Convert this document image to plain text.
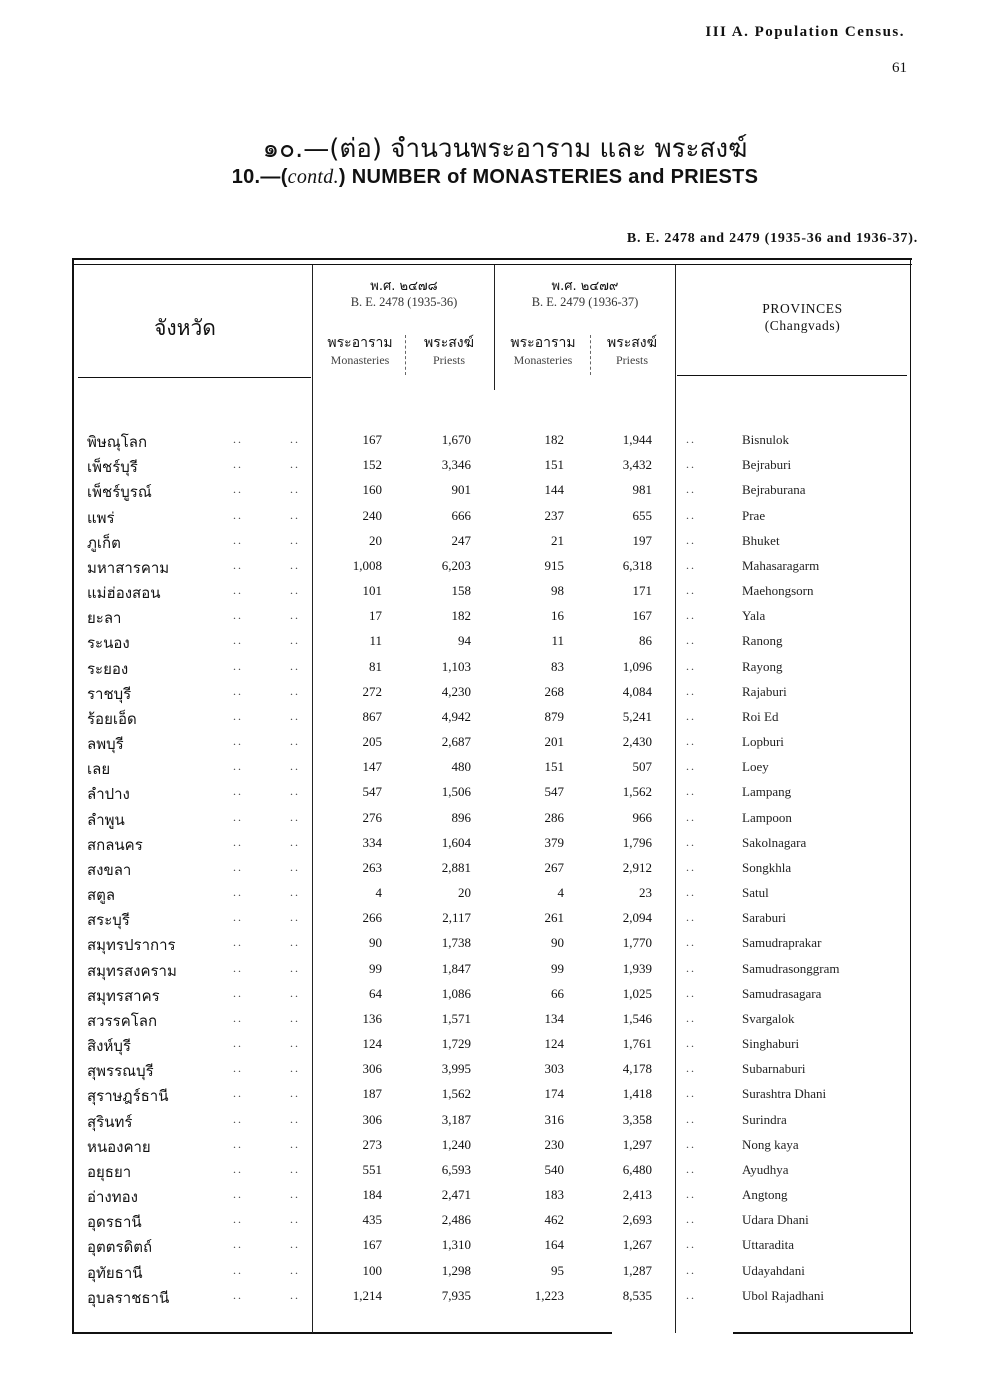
III A. Population Census.
61
๑๐.—(ต่อ) จำนวนพระอาราม และ พระสงฆ์
10.—(contd.) NUMBER of MONASTERIES and PRIESTS
B. E. 2478 and 2479 (1935-36 and 1936-37).
จังหวัด
พ.ศ. ๒๔๗๘
B. E. 2478 (1935-36)
พ.ศ. ๒๔๗๙
B. E. 2479 (1936-37)
พระอาราม
Monasteries
พระสงฆ์
Priests
พระอาราม
Monasteries
พระสงฆ์
Priests
PROVINCES
(Changvads)
พิษณุโลก	..	..	167	1,670	182	1,944	..	Bisnulok
เพ็ชร์บุรี	..	..	152	3,346	151	3,432	..	Bejraburi
เพ็ชร์บูรณ์	..	..	160	901	144	981	..	Bejraburana
แพร่	..	..	240	666	237	655	..	Prae
ภูเก็ต	..	..	20	247	21	197	..	Bhuket
มหาสารคาม	..	..	1,008	6,203	915	6,318	..	Mahasaragarm
แม่ฮ่องสอน	..	..	101	158	98	171	..	Maehongsorn
ยะลา	..	..	17	182	16	167	..	Yala
ระนอง	..	..	11	94	11	86	..	Ranong
ระยอง	..	..	81	1,103	83	1,096	..	Rayong
ราชบุรี	..	..	272	4,230	268	4,084	..	Rajaburi
ร้อยเอ็ด	..	..	867	4,942	879	5,241	..	Roi Ed
ลพบุรี	..	..	205	2,687	201	2,430	..	Lopburi
เลย	..	..	147	480	151	507	..	Loey
ลำปาง	..	..	547	1,506	547	1,562	..	Lampang
ลำพูน	..	..	276	896	286	966	..	Lampoon
สกลนคร	..	..	334	1,604	379	1,796	..	Sakolnagara
สงขลา	..	..	263	2,881	267	2,912	..	Songkhla
สตูล	..	..	4	20	4	23	..	Satul
สระบุรี	..	..	266	2,117	261	2,094	..	Saraburi
สมุทรปราการ	..	..	90	1,738	90	1,770	..	Samudraprakar
สมุทรสงคราม	..	..	99	1,847	99	1,939	..	Samudrasonggram
สมุทรสาคร	..	..	64	1,086	66	1,025	..	Samudrasagara
สวรรคโลก	..	..	136	1,571	134	1,546	..	Svargalok
สิงห์บุรี	..	..	124	1,729	124	1,761	..	Singhaburi
สุพรรณบุรี	..	..	306	3,995	303	4,178	..	Subarnaburi
สุราษฎร์ธานี	..	..	187	1,562	174	1,418	..	Surashtra Dhani
สุรินทร์	..	..	306	3,187	316	3,358	..	Surindra
หนองคาย	..	..	273	1,240	230	1,297	..	Nong kaya
อยุธยา	..	..	551	6,593	540	6,480	..	Ayudhya
อ่างทอง	..	..	184	2,471	183	2,413	..	Angtong
อุดรธานี	..	..	435	2,486	462	2,693	..	Udara Dhani
อุตตรดิตถ์	..	..	167	1,310	164	1,267	..	Uttaradita
อุทัยธานี	..	..	100	1,298	95	1,287	..	Udayahdani
อุบลราชธานี	..	..	1,214	7,935	1,223	8,535	..	Ubol Rajadhani
